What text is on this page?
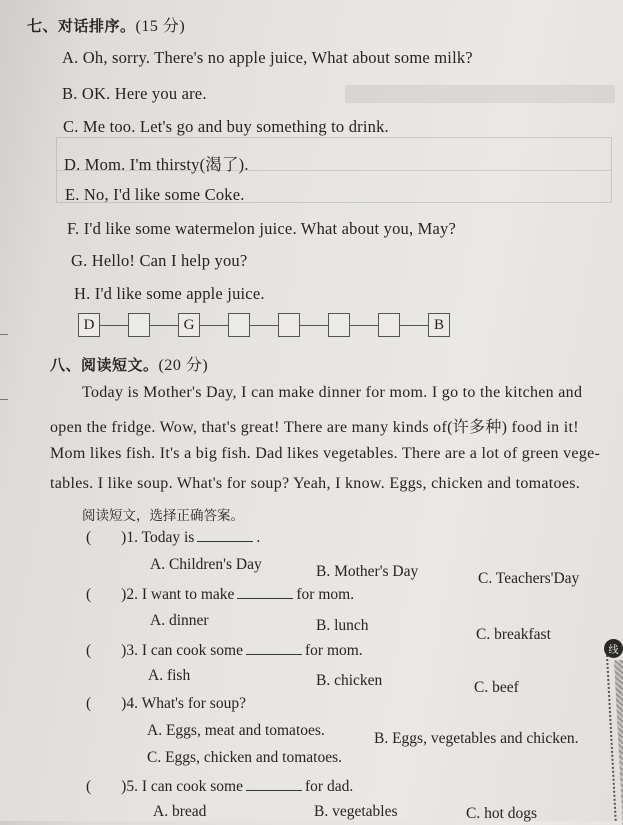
七、对话排序。(15 分)
A. Oh, sorry. There's no apple juice, What about some milk?
B. OK. Here you are.
C. Me too. Let's go and buy something to drink.
D. Mom. I'm thirsty(渴了).
E. No, I'd like some Coke.
F. I'd like some watermelon juice. What about you, May?
G. Hello! Can I help you?
H. I'd like some apple juice.
D	G	B
八、阅读短文。(20 分)
Today is Mother's Day, I can make dinner for mom. I go to the kitchen and
open the fridge. Wow, that's great! There are many kinds of(许多种) food in it!
Mom likes fish. It's a big fish. Dad likes vegetables. There are a lot of green vege-
tables. I like soup. What's for soup? Yeah, I know. Eggs, chicken and tomatoes.
阅读短文，选择正确答案。
( )1. Today is	.
A. Children's Day	B. Mother's Day	C. Teachers'Day
( )2. I want to make	for mom.
A. dinner	B. lunch
C. breakfast
( )3. I can cook some	for mom.
A. fish	B. chicken	C. beef
( )4. What's for soup?
A. Eggs, meat and tomatoes.	B. Eggs, vegetables and chicken.
C. Eggs, chicken and tomatoes.
( )5. I can cook some	for dad.
A. bread	B. vegetables	C. hot dogs
线
